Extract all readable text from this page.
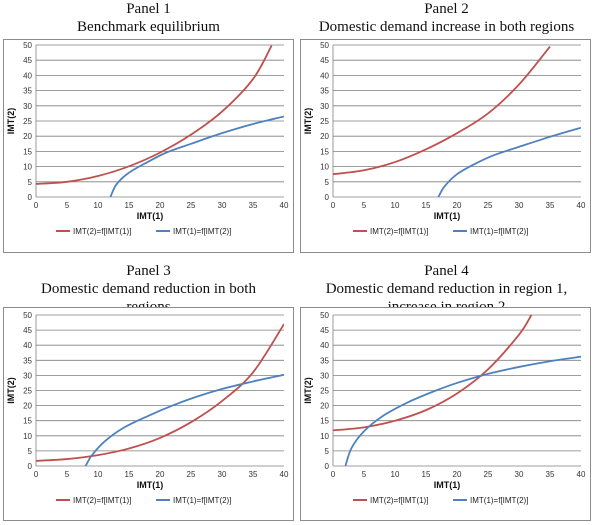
Panel 1
Benchmark equilibrium
0
5
10
15
20
25
30
35
40
45
50
0	5	10	15	20	25	30	35	40
IMT(1)
IMT(2)
IMT(2)=f[IMT(1)]	IMT(1)=f[IMT(2)]
Panel 2
Domestic demand increase in both regions
0
5
10
15
20
25
30
35
40
45
50
0	5	10	15	20	25	30	35	40
IMT(1)
IMT(2)
IMT(2)=f[IMT(1)]	IMT(1)=f[IMT(2)]
Panel 3
Domestic demand reduction in both
0
5
10
15
20
25
30
35
40
45
50
0	5	10	15	20	25	30	35	40
IMT(1)
IMT(2)
IMT(2)=f[IMT(1)]	IMT(1)=f[IMT(2)]
Panel 4
Domestic demand reduction in region 1,
0
5
10
15
20
25
30
35
40
45
50
0	5	10	15	20	25	30	35	40
IMT(1)
IMT(2)
IMT(2)=f[IMT(1)]	IMT(1)=f[IMT(2)]
